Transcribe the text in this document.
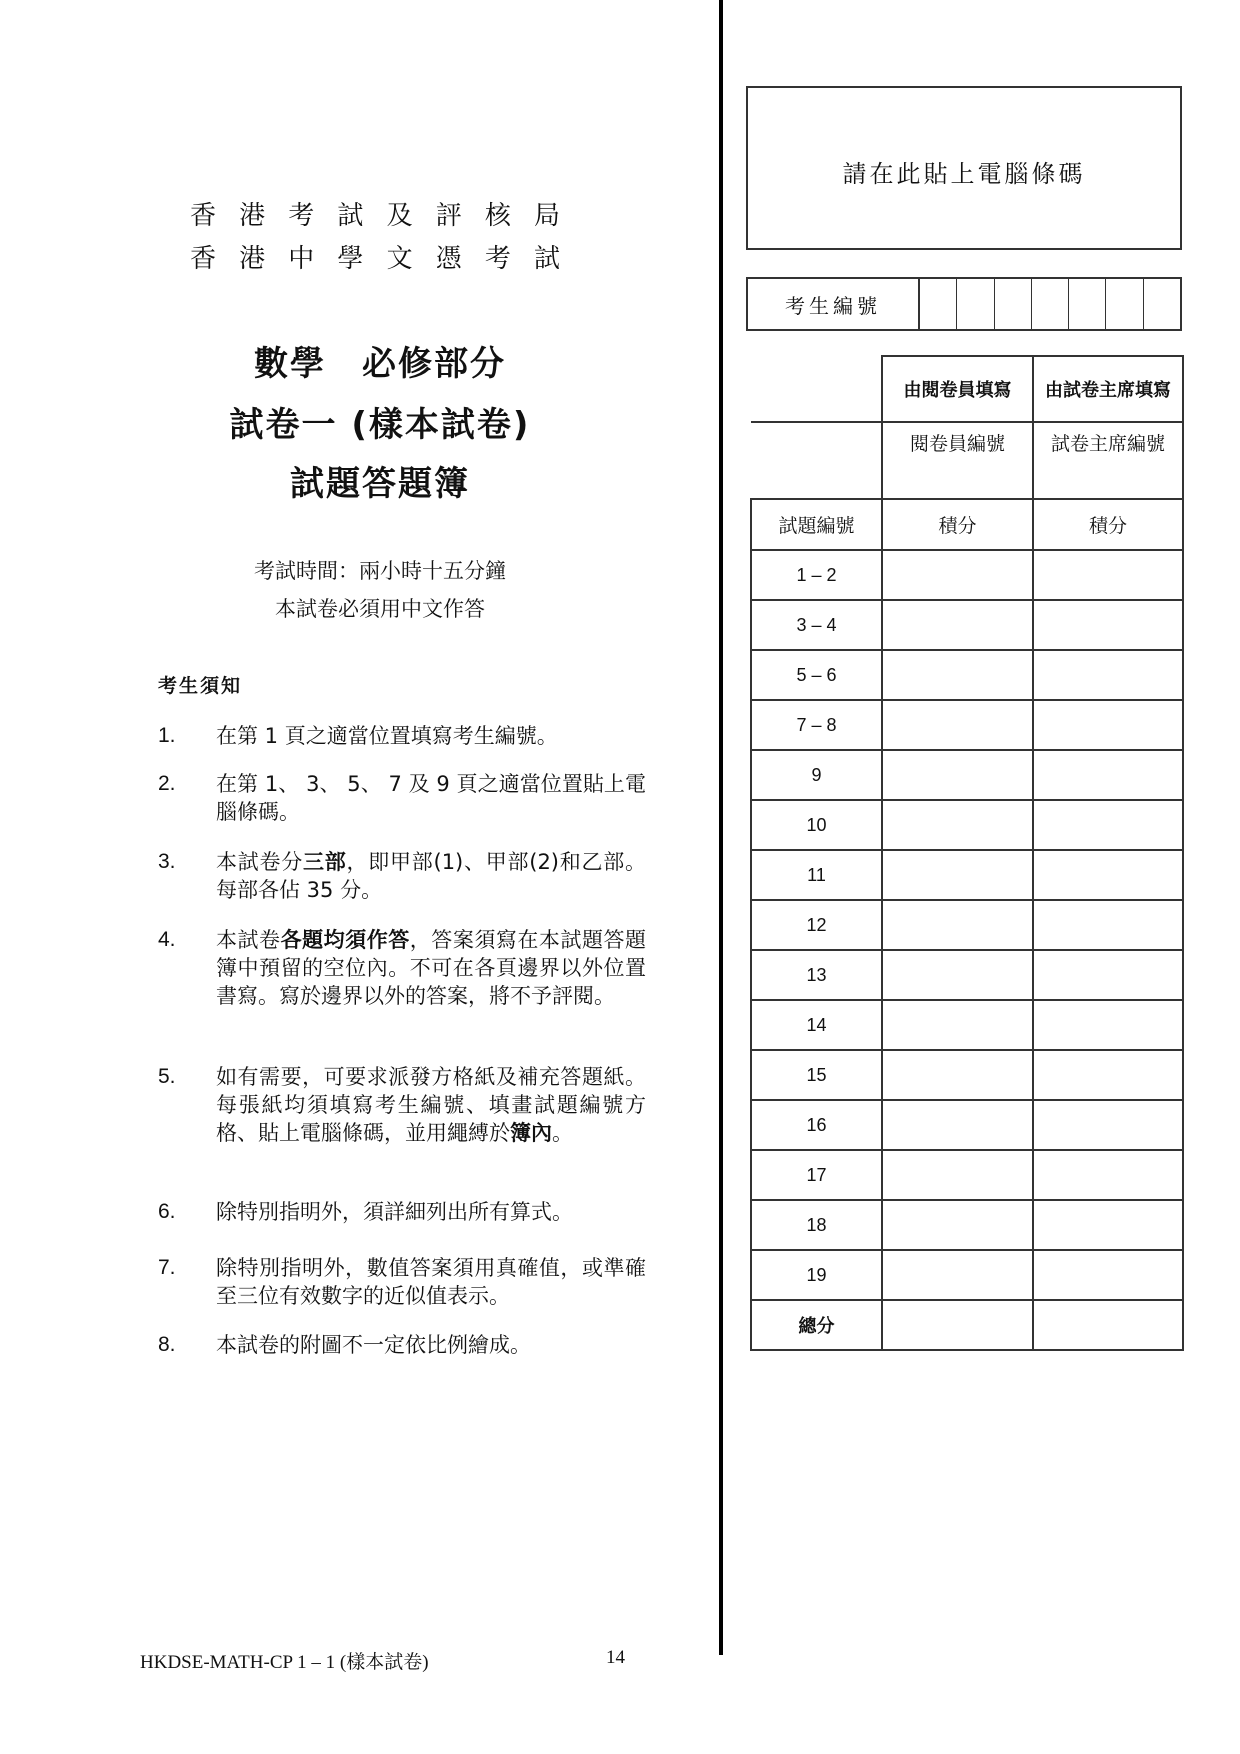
香 港 考 試 及 評 核 局
香 港 中 學 文 憑 考 試
數學　必修部分
試卷一 (樣本試卷)
試題答題簿
考試時間：兩小時十五分鐘
本試卷必須用中文作答
考生須知
1.	在第 1 頁之適當位置填寫考生編號。
2.	在第 1、 3、 5、 7 及 9 頁之適當位置貼上電腦條碼。
3.	本試卷分三部，即甲部(1)、甲部(2)和乙部。 每部各佔 35 分。
4.	本試卷各題均須作答，答案須寫在本試題答題簿中預留的空位內。不可在各頁邊界以外位置書寫。寫於邊界以外的答案，將不予評閱。
5.	如有需要，可要求派發方格紙及補充答題紙。每張紙均須填寫考生編號、填畫試題編號方格、貼上電腦條碼，並用繩縛於簿內。
6.	除特別指明外，須詳細列出所有算式。
7.	除特別指明外，數值答案須用真確值，或準確至三位有效數字的近似值表示。
8.	本試卷的附圖不一定依比例繪成。
請在此貼上電腦條碼
考生編號
	由閱卷員填寫	由試卷主席填寫
	閱卷員編號	試卷主席編號
試題編號	積分	積分
1 – 2		
3 – 4		
5 – 6		
7 – 8		
9		
10		
11		
12		
13		
14		
15		
16		
17		
18		
19		
總分		
HKDSE-MATH-CP 1 – 1 (樣本試卷)	14
